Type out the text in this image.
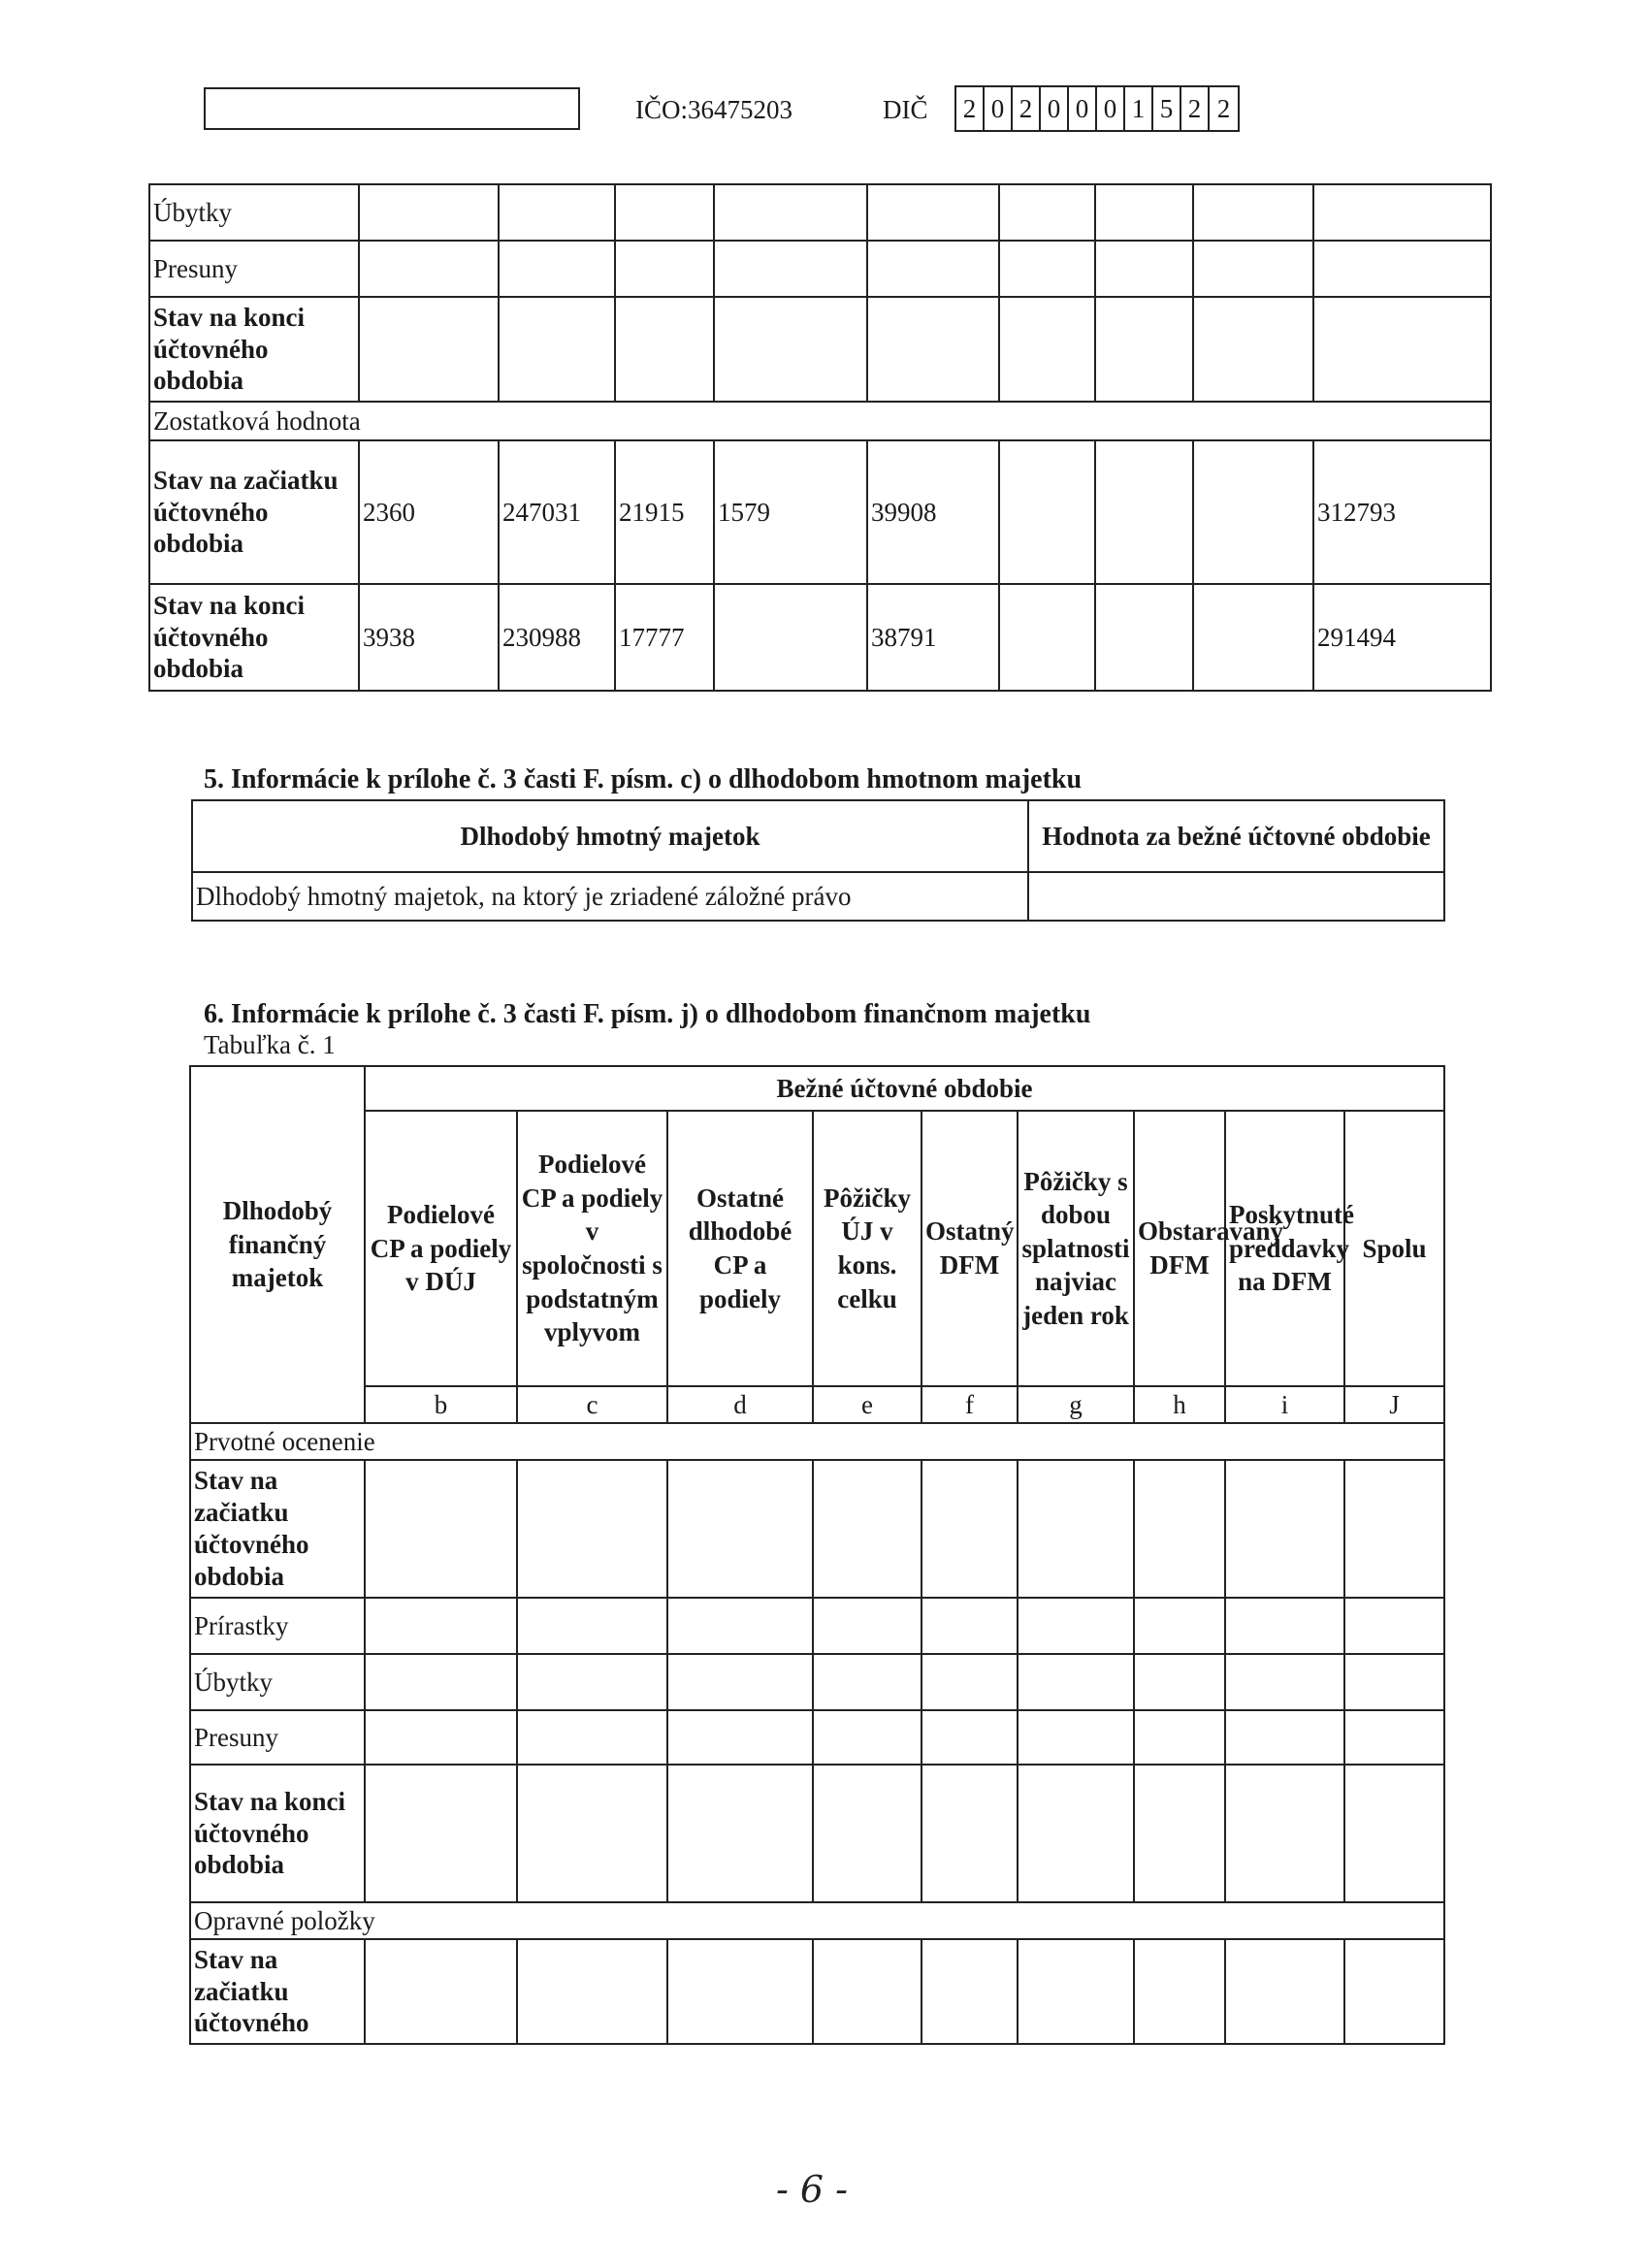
IČO:36475203	DIČ 2 0 2 0 0 0 1 5 2 2
Úbytky									
Presuny									
Stav na konci účtovného obdobia									
Zostatková hodnota									
Stav na začiatku účtovného obdobia	2360	247031	21915	1579	39908				312793
Stav na konci účtovného obdobia	3938	230988	17777		38791				291494
5. Informácie k prílohe č. 3 časti F. písm. c) o dlhodobom hmotnom majetku
Dlhodobý hmotný majetok	Hodnota za bežné účtovné obdobie
Dlhodobý hmotný majetok, na ktorý je zriadené záložné právo	
6. Informácie k prílohe č. 3 časti F. písm. j) o dlhodobom finančnom majetku
Tabuľka č. 1
Dlhodobý finančný majetok	Bežné účtovné obdobie								
	Podielové CP a podiely v DÚJ	Podielové CP a podiely v spoločnosti s podstatným vplyvom	Ostatné dlhodobé CP a podiely	Pôžičky ÚJ v kons. celku	Ostatný DFM	Pôžičky s dobou splatnosti najviac jeden rok	Obstaravaný DFM	Poskytnuté preddavky na DFM	Spolu
	b	c	d	e	f	g	h	i	J
Prvotné ocenenie									
Stav na začiatku účtovného obdobia									
Prírastky									
Úbytky									
Presuny									
Stav na konci účtovného obdobia									
Opravné položky									
Stav na začiatku účtovného									
- 6 -
